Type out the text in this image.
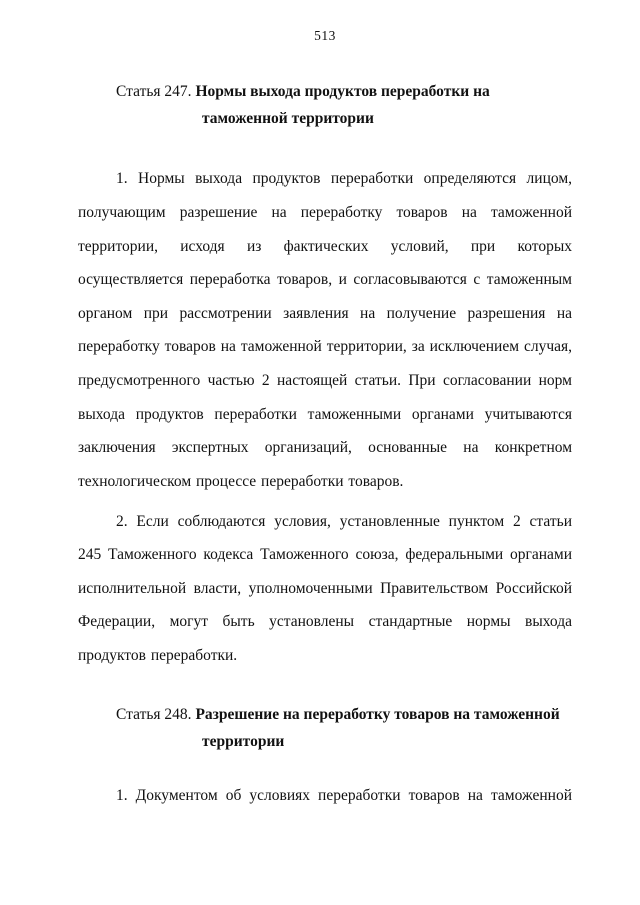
513

Статья 247. Нормы выхода продуктов переработки на таможенной территории

1. Нормы выхода продуктов переработки определяются лицом, получающим разрешение на переработку товаров на таможенной территории, исходя из фактических условий, при которых осуществляется переработка товаров, и согласовываются с таможенным органом при рассмотрении заявления на получение разрешения на переработку товаров на таможенной территории, за исключением случая, предусмотренного частью 2 настоящей статьи. При согласовании норм выхода продуктов переработки таможенными органами учитываются заключения экспертных организаций, основанные на конкретном технологическом процессе переработки товаров.

2. Если соблюдаются условия, установленные пунктом 2 статьи 245 Таможенного кодекса Таможенного союза, федеральными органами исполнительной власти, уполномоченными Правительством Российской Федерации, могут быть установлены стандартные нормы выхода продуктов переработки.

Статья 248. Разрешение на переработку товаров на таможенной территории

1. Документом об условиях переработки товаров на таможенной
